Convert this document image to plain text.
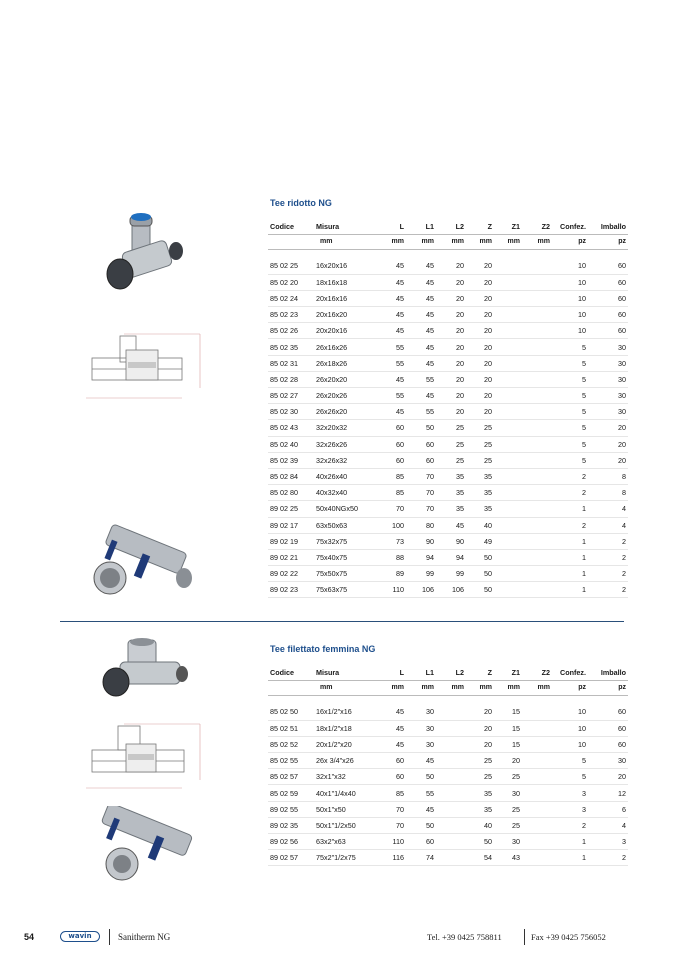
Tee ridotto NG
Codice	Misura	L	L1	L2	Z	Z1	Z2	Confez.	Imballo
	mm	mm	mm	mm	mm	mm	mm	pz	pz

85 02 25	16x20x16	45	45	20	20			10	60
85 02 20	18x16x18	45	45	20	20			10	60
85 02 24	20x16x16	45	45	20	20			10	60
85 02 23	20x16x20	45	45	20	20			10	60
85 02 26	20x20x16	45	45	20	20			10	60
85 02 35	26x16x26	55	45	20	20			5	30
85 02 31	26x18x26	55	45	20	20			5	30
85 02 28	26x20x20	45	55	20	20			5	30
85 02 27	26x20x26	55	45	20	20			5	30
85 02 30	26x26x20	45	55	20	20			5	30
85 02 43	32x20x32	60	50	25	25			5	20
85 02 40	32x26x26	60	60	25	25			5	20
85 02 39	32x26x32	60	60	25	25			5	20
85 02 84	40x26x40	85	70	35	35			2	8
85 02 80	40x32x40	85	70	35	35			2	8
89 02 25	50x40NGx50	70	70	35	35			1	4
89 02 17	63x50x63	100	80	45	40			2	4
89 02 19	75x32x75	73	90	90	49			1	2
89 02 21	75x40x75	88	94	94	50			1	2
89 02 22	75x50x75	89	99	99	50			1	2
89 02 23	75x63x75	110	106	106	50			1	2
Tee filettato femmina NG
Codice	Misura	L	L1	L2	Z	Z1	Z2	Confez.	Imballo
	mm	mm	mm	mm	mm	mm	mm	pz	pz

85 02 50	16x1/2"x16	45	30		20	15		10	60
85 02 51	18x1/2"x18	45	30		20	15		10	60
85 02 52	20x1/2"x20	45	30		20	15		10	60
85 02 55	26x 3/4"x26	60	45		25	20		5	30
85 02 57	32x1"x32	60	50		25	25		5	20
85 02 59	40x1"1/4x40	85	55		35	30		3	12
89 02 55	50x1"x50	70	45		35	25		3	6
89 02 35	50x1"1/2x50	70	50		40	25		2	4
89 02 56	63x2"x63	110	60		50	30		1	3
89 02 57	75x2"1/2x75	116	74		54	43		1	2
54	wavin	Sanitherm NG	Tel. +39 0425 758811	Fax +39 0425 756052
